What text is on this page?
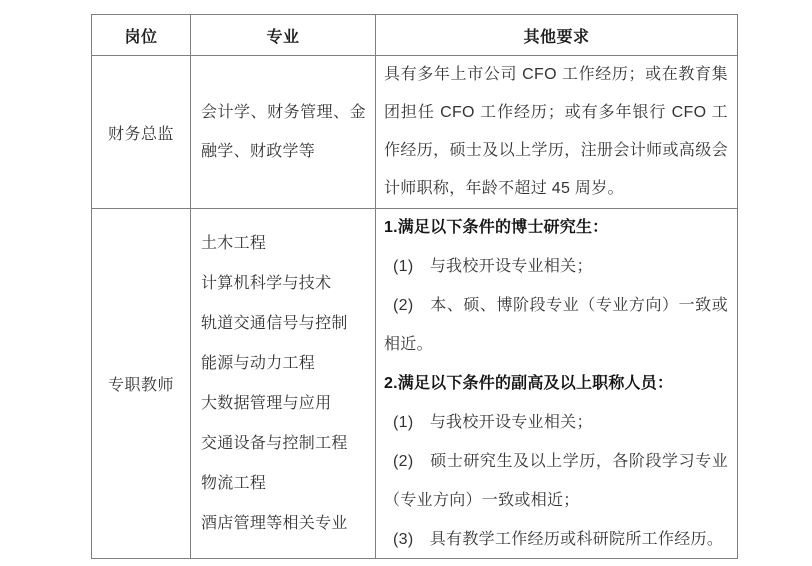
岗位	专业	其他要求
财务总监
会计学、财务管理、金融学、财政学等
具有多年上市公司 CFO 工作经历；或在教育集团担任 CFO 工作经历；或有多年银行 CFO 工作经历，硕士及以上学历，注册会计师或高级会计师职称，年龄不超过 45 周岁。
专职教师
土木工程
计算机科学与技术
轨道交通信号与控制
能源与动力工程
大数据管理与应用
交通设备与控制工程
物流工程
酒店管理等相关专业
1.满足以下条件的博士研究生：
(1)　与我校开设专业相关；
(2)　本、硕、博阶段专业（专业方向）一致或相近。
2.满足以下条件的副高及以上职称人员：
(1)　与我校开设专业相关；
(2)　硕士研究生及以上学历，各阶段学习专业（专业方向）一致或相近；
(3)　具有教学工作经历或科研院所工作经历。
